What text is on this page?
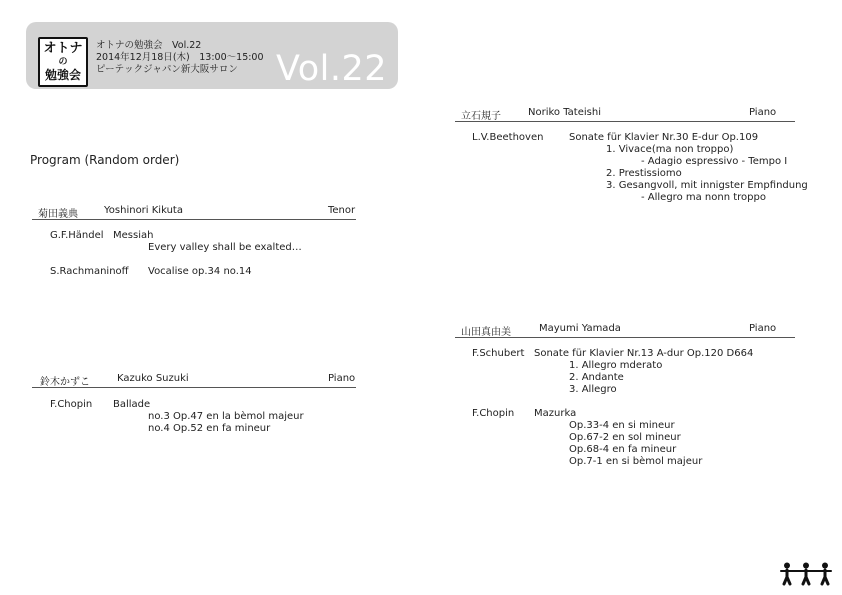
オトナ
の
勉強会
オトナの勉強会　Vol.22
2014年12月18日(木)　13:00〜15:00
ピーテックジャパン新大阪サロン	Vol.22
Program (Random order)
菊田義典	Yoshinori Kikuta	Tenor
G.F.Händel Messiah
Every valley shall be exalted…
S.Rachmaninoff Vocalise op.34 no.14
鈴木かずこ	Kazuko Suzuki	Piano
F.Chopin Ballade
no.3 Op.47 en la bèmol majeur
no.4 Op.52 en fa mineur
立石規子	Noriko Tateishi	Piano
L.V.Beethoven	Sonate für Klavier Nr.30 E-dur Op.109
1. Vivace(ma non troppo)
- Adagio espressivo - Tempo Ⅰ
2. Prestissiomo
3. Gesangvoll, mit innigster Empfindung
- Allegro ma nonn troppo
山田真由美	Mayumi Yamada	Piano
F.Schubert Sonate für Klavier Nr.13 A-dur Op.120 D664
1. Allegro mderato
2. Andante
3. Allegro
F.Chopin Mazurka
Op.33-4 en si mineur
Op.67-2 en sol mineur
Op.68-4 en fa mineur
Op.7-1 en si bèmol majeur
